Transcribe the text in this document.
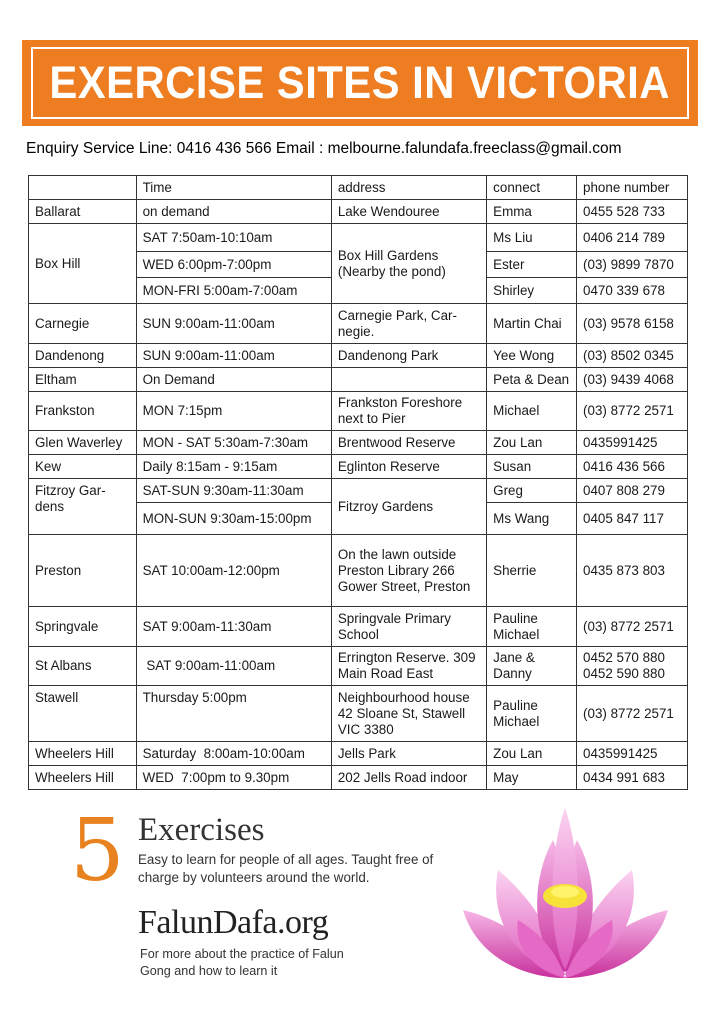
EXERCISE SITES IN VICTORIA
Enquiry Service Line: 0416 436 566 Email : melbourne.falundafa.freeclass@gmail.com
	Time	address	connect	phone number
Ballarat	on demand	Lake Wendouree	Emma	0455 528 733
Box Hill	SAT 7:50am-10:10am	Box Hill Gardens (Nearby the pond)	Ms Liu	0406 214 789
	WED 6:00pm-7:00pm		Ester	(03) 9899 7870
	MON-FRI 5:00am-7:00am		Shirley	0470 339 678
Carnegie	SUN 9:00am-11:00am	Carnegie Park, Car-negie.	Martin Chai	(03) 9578 6158
Dandenong	SUN 9:00am-11:00am	Dandenong Park	Yee Wong	(03) 8502 0345
Eltham	On Demand		Peta & Dean	(03) 9439 4068
Frankston	MON 7:15pm	Frankston Foreshore next to Pier	Michael	(03) 8772 2571
Glen Waverley	MON - SAT 5:30am-7:30am	Brentwood Reserve	Zou Lan	0435991425
Kew	Daily 8:15am - 9:15am	Eglinton Reserve	Susan	0416 436 566
Fitzroy Gar-dens	SAT-SUN 9:30am-11:30am	Fitzroy Gardens	Greg	0407 808 279
	MON-SUN 9:30am-15:00pm		Ms Wang	0405 847 117
Preston	SAT 10:00am-12:00pm	On the lawn outside Preston Library 266 Gower Street, Preston	Sherrie	0435 873 803
Springvale	SAT 9:00am-11:30am	Springvale Primary School	Pauline Michael	(03) 8772 2571
St Albans	SAT 9:00am-11:00am	Errington Reserve. 309 Main Road East	Jane & Danny	0452 570 880 0452 590 880
Stawell	Thursday 5:00pm	Neighbourhood house 42 Sloane St, Stawell VIC 3380	Pauline Michael	(03) 8772 2571
Wheelers Hill	Saturday  8:00am-10:00am	Jells Park	Zou Lan	0435991425
Wheelers Hill	WED  7:00pm to 9.30pm	202 Jells Road indoor	May	0434 991 683
5 Exercises
Easy to learn for people of all ages. Taught free of charge by volunteers around the world.
FalunDafa.org
For more about the practice of Falun Gong and how to learn it
